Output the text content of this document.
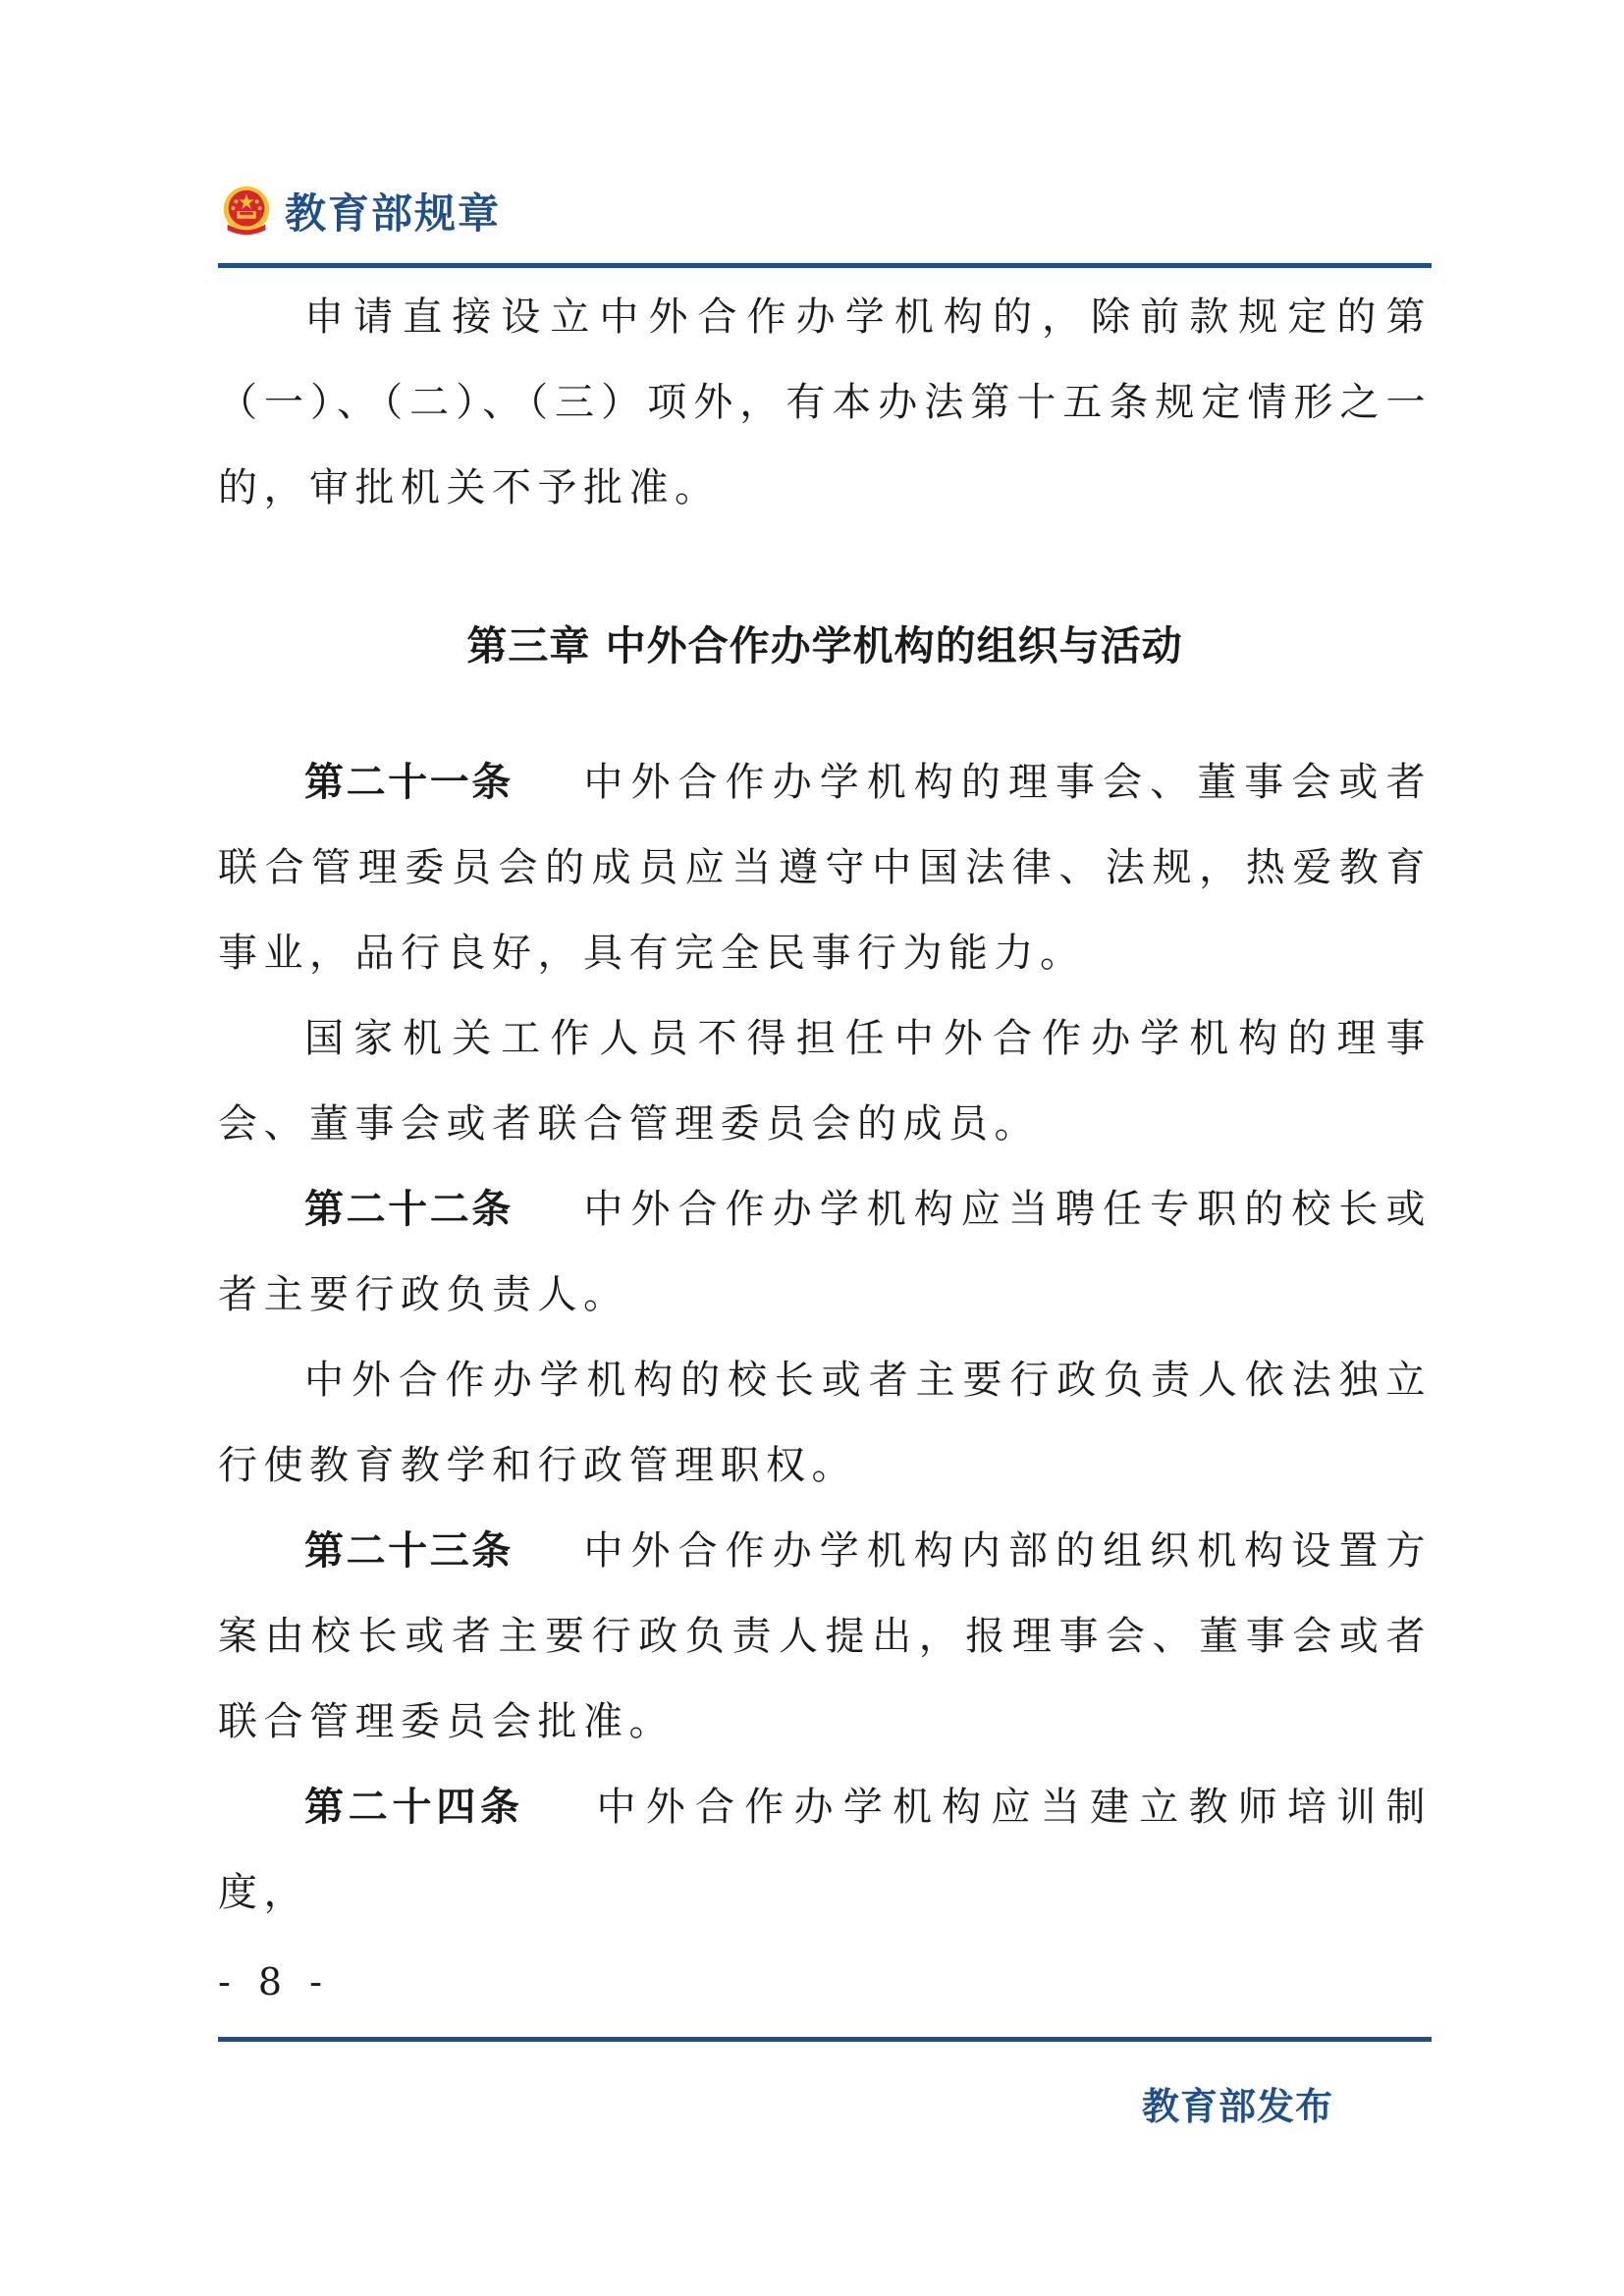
教育部规章

申请直接设立中外合作办学机构的，除前款规定的第（一）、（二）、（三）项外，有本办法第十五条规定情形之一的，审批机关不予批准。

第三章 中外合作办学机构的组织与活动

第二十一条 中外合作办学机构的理事会、董事会或者联合管理委员会的成员应当遵守中国法律、法规，热爱教育事业，品行良好，具有完全民事行为能力。

国家机关工作人员不得担任中外合作办学机构的理事会、董事会或者联合管理委员会的成员。

第二十二条 中外合作办学机构应当聘任专职的校长或者主要行政负责人。

中外合作办学机构的校长或者主要行政负责人依法独立行使教育教学和行政管理职权。

第二十三条 中外合作办学机构内部的组织机构设置方案由校长或者主要行政负责人提出，报理事会、董事会或者联合管理委员会批准。

第二十四条 中外合作办学机构应当建立教师培训制度，

- 8 -
教育部发布
